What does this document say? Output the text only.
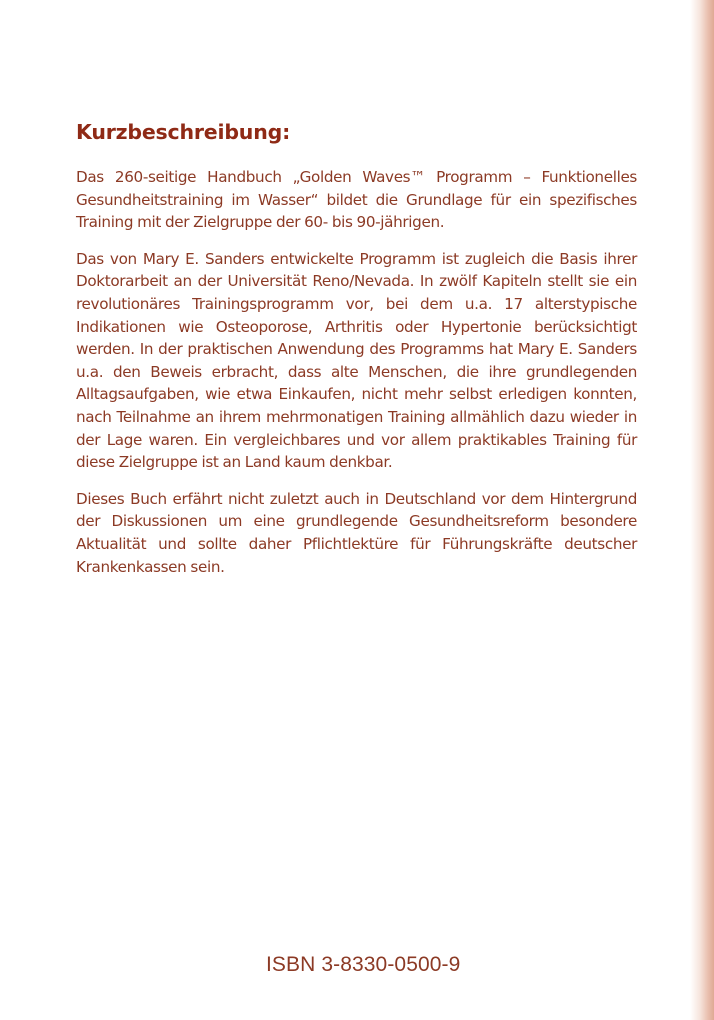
Kurzbeschreibung:

Das 260-seitige Handbuch „Golden Waves™ Programm – Funktionelles Gesundheitstraining im Wasser“ bildet die Grundlage für ein spezifisches Training mit der Zielgruppe der 60- bis 90-jährigen.

Das von Mary E. Sanders entwickelte Programm ist zugleich die Basis ihrer Doktorarbeit an der Universität Reno/Nevada. In zwölf Kapiteln stellt sie ein revolutionäres Trainingsprogramm vor, bei dem u.a. 17 alterstypische Indikationen wie Osteoporose, Arthritis oder Hypertonie berücksichtigt werden. In der praktischen Anwendung des Programms hat Mary E. Sanders u.a. den Beweis erbracht, dass alte Menschen, die ihre grundlegenden Alltagsaufgaben, wie etwa Einkaufen, nicht mehr selbst erledigen konnten, nach Teilnahme an ihrem mehrmonatigen Training allmählich dazu wieder in der Lage waren. Ein vergleichbares und vor allem praktikables Training für diese Zielgruppe ist an Land kaum denkbar.

Dieses Buch erfährt nicht zuletzt auch in Deutschland vor dem Hintergrund der Diskussionen um eine grundlegende Gesundheitsreform besondere Aktualität und sollte daher Pflichtlektüre für Führungskräfte deutscher Krankenkassen sein.

ISBN 3-8330-0500-9
